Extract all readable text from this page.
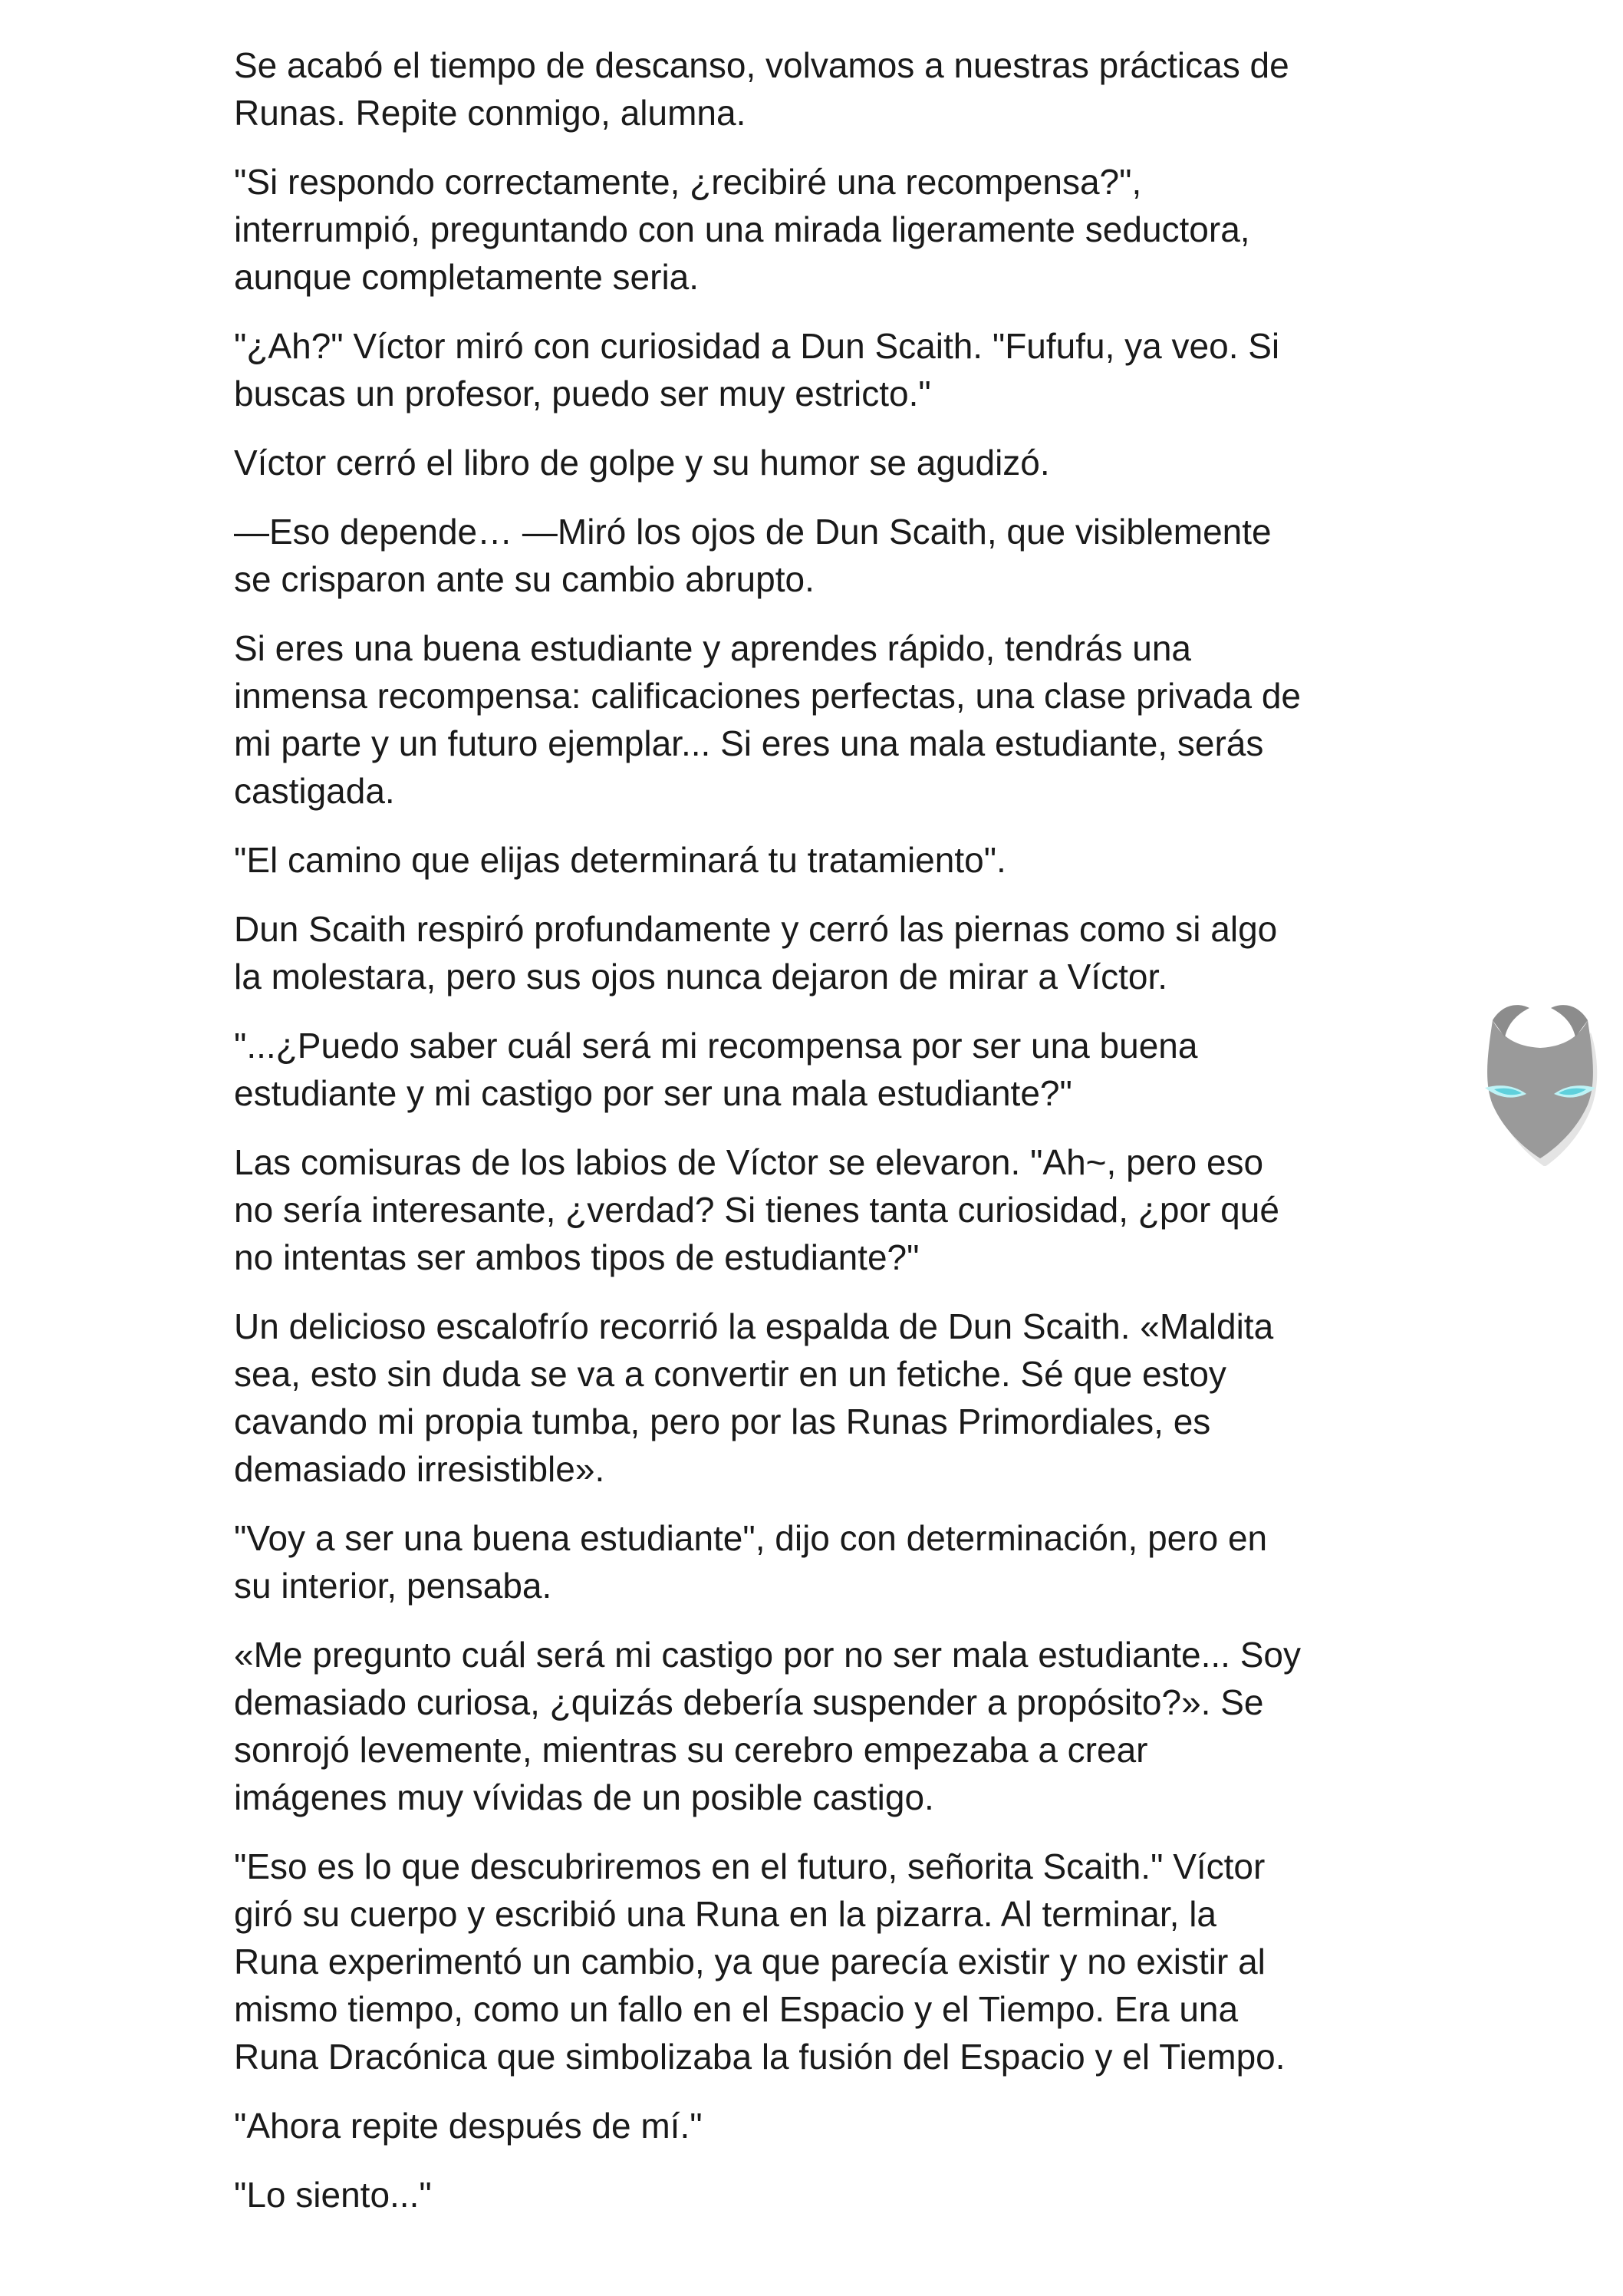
Se acabó el tiempo de descanso, volvamos a nuestras prácticas de
Runas. Repite conmigo, alumna.
"Si respondo correctamente, ¿recibiré una recompensa?",
interrumpió, preguntando con una mirada ligeramente seductora,
aunque completamente seria.
"¿Ah?" Víctor miró con curiosidad a Dun Scaith. "Fufufu, ya veo. Si
buscas un profesor, puedo ser muy estricto."
Víctor cerró el libro de golpe y su humor se agudizó.
—Eso depende… —Miró los ojos de Dun Scaith, que visiblemente
se crisparon ante su cambio abrupto.
Si eres una buena estudiante y aprendes rápido, tendrás una
inmensa recompensa: calificaciones perfectas, una clase privada de
mi parte y un futuro ejemplar... Si eres una mala estudiante, serás
castigada.
"El camino que elijas determinará tu tratamiento".
Dun Scaith respiró profundamente y cerró las piernas como si algo
la molestara, pero sus ojos nunca dejaron de mirar a Víctor.
"...¿Puedo saber cuál será mi recompensa por ser una buena
estudiante y mi castigo por ser una mala estudiante?"
Las comisuras de los labios de Víctor se elevaron. "Ah~, pero eso
no sería interesante, ¿verdad? Si tienes tanta curiosidad, ¿por qué
no intentas ser ambos tipos de estudiante?"
Un delicioso escalofrío recorrió la espalda de Dun Scaith. «Maldita
sea, esto sin duda se va a convertir en un fetiche. Sé que estoy
cavando mi propia tumba, pero por las Runas Primordiales, es
demasiado irresistible».
"Voy a ser una buena estudiante", dijo con determinación, pero en
su interior, pensaba.
«Me pregunto cuál será mi castigo por no ser mala estudiante... Soy
demasiado curiosa, ¿quizás debería suspender a propósito?». Se
sonrojó levemente, mientras su cerebro empezaba a crear
imágenes muy vívidas de un posible castigo.
"Eso es lo que descubriremos en el futuro, señorita Scaith." Víctor
giró su cuerpo y escribió una Runa en la pizarra. Al terminar, la
Runa experimentó un cambio, ya que parecía existir y no existir al
mismo tiempo, como un fallo en el Espacio y el Tiempo. Era una
Runa Dracónica que simbolizaba la fusión del Espacio y el Tiempo.
"Ahora repite después de mí."
"Lo siento..."
